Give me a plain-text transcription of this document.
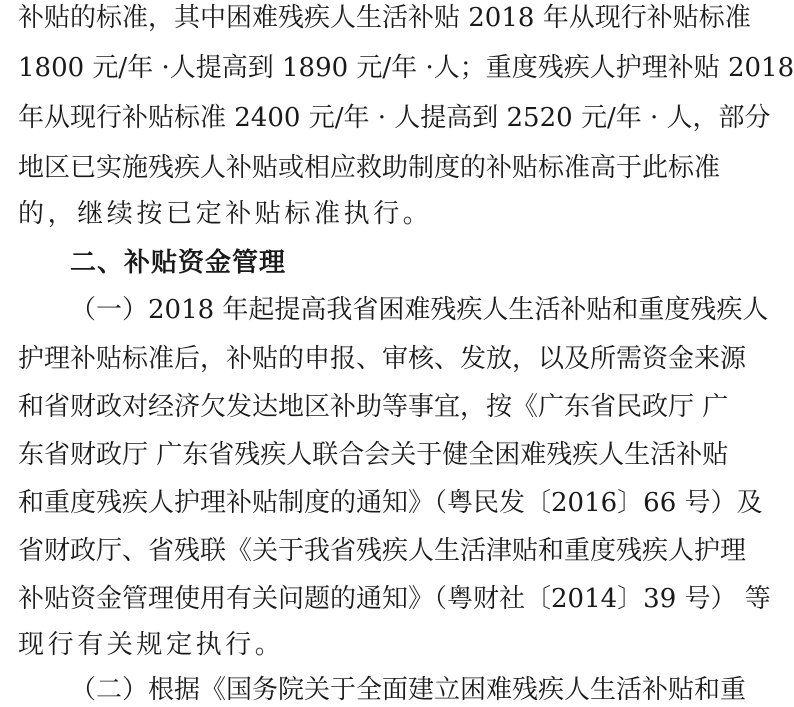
补贴的标准，其中困难残疾人生活补贴 2018 年从现行补贴标准
1800 元/年 ·人提高到 1890 元/年 ·人；重度残疾人护理补贴 2018
年从现行补贴标准 2400 元/年 · 人提高到 2520 元/年 · 人，部分
地区已实施残疾人补贴或相应救助制度的补贴标准高于此标准
的，继续按已定补贴标准执行。
二、补贴资金管理
（一）2018 年起提高我省困难残疾人生活补贴和重度残疾人
护理补贴标准后，补贴的申报、审核、发放，以及所需资金来源
和省财政对经济欠发达地区补助等事宜，按《广东省民政厅 广
东省财政厅 广东省残疾人联合会关于健全困难残疾人生活补贴
和重度残疾人护理补贴制度的通知》（粤民发〔2016〕66 号）及
省财政厅、省残联《关于我省残疾人生活津贴和重度残疾人护理
补贴资金管理使用有关问题的通知》（粤财社〔2014〕39 号） 等
现行有关规定执行。
（二）根据《国务院关于全面建立困难残疾人生活补贴和重
